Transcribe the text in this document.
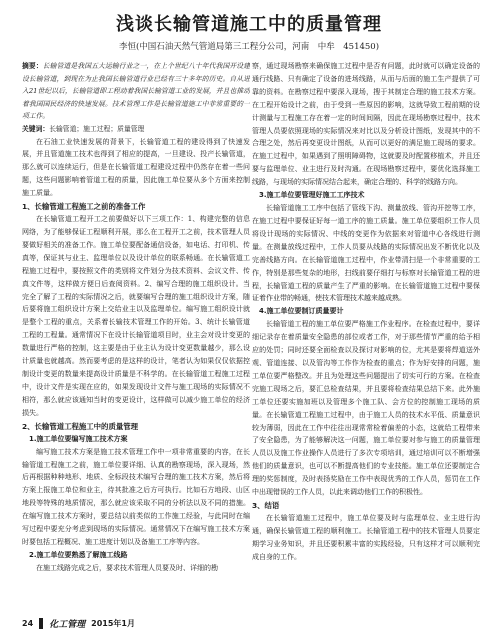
浅谈长输管道施工中的质量管理
李恒(中国石油天然气管道局第三工程分公司，河南　中牟　451450)
摘要：长输管道是我国五大运输行业之一，在上个世纪八十年代我国开设建设长输管道，到现在为止我国长输管道行业已经有三十多年的历史。自从进入21世纪以后，长输管道即工程动着我国长输管道工业的发展，并且也推动着我国国民经济的快速发展。技术管理工作是长输管道施工中非常重要的一项工作。
关键词：长输管道；施工过程；质量管理
在石油工业快速发展的背景下，长输管道工程的建设得到了快速发展，并且管道施工技术也得到了相应的提高，一旦建设、投产长输管道，那么就可以连续运行，但是在长输管道工程建设过程中仍然存在着一些问题，这些问题影响着管道工程的质量，因此施工单位要从多个方面来控制施工质量。
1、长输管道工程施工之前的准备工作
在长输管道工程开工之前要做好以下三项工作：1、构建完整的信息网络，为了能够保证工程顺利开展，那么在工程开工之前，技术管理人员要做好相关的准备工作。施工单位要配备通信设备，如电话、打印机、传真等，保证其与业主、监理单位以及设计单位的联系畅通。在长输管道工程施工过程中，要按照文件的类别将文件划分为技术资料、会议文件、传真文件等，这样做方便日后查阅资料。2、编写合理的施工组织设计。当完全了解了工程的实际情况之后，就要编写合理的施工组织设计方案，随后要将施工组织设计方案上交给业主以及监理单位。编写施工组织设计就是整个工程的重点，关系着长输技术管理工作的开始。3、统计长输管道工程的工程量。通常情况下在设计长输管道项目时，业主会对设计变更的数量进行严格的控制，这主要是由于业主认为设计变更数量越少，那么设计质量也就越高。然而要考虑的是这样的设计，笔者认为如果仅仅依据控制设计变更的数量来提高设计质量是不科学的。在长输管道工程施工过程中，设计文件是实现在应的，如果发现设计文件与施工现场的实际情况不相符，那么就应该通知当时的变更设计，这样做可以减少施工单位的经济损失。
2、长输管道工程施工中的质量管理
1.施工单位要编写施工技术方案
编写施工技术方案是施工技术管理工作中一项非常重要的内容，在长输管道工程施工之前，施工单位要详细、认真的勘察现场，深入现场，然后再根据种种地形、地质、全标段技术编写合理的施工技术方案，然后将方案上报施工单位和业主，待其批准之后方可执行。比如石方地段、山区地段等特殊的地质情况，那么就应该采取不同的分析法以及不同的措施。在编写施工技术方案时，要总结以前类似的工作施工经验，与此同时在编写过程中要充分考虑到现场的实际情况。通常情况下在编写施工技术方案时要包括工程概况、施工进度计划以及备施工工序等内容。
2.施工单位要熟悉了解施工线路
在施工线路完成之后，要求技术管理人员要及时、详细的勘
察，通过现场勘察来确保施工过程中是否有问题，此时就可以确定设备的通行线路、只有确定了设备的进场线路，从而与后面的施工生产提供了可靠的资料。在勘察过程中要深入现场，搜于其制定合理的施工技术方案。在工程开始设计之前，由于受到一些原因的影响，这就导致工程前期的设计测量与工程施工存在着一定的时间间隔，因此在现场勘察过程中，技术管理人员要依照现场的实际情况来对比以及分析设计图纸，发现其中的不合理之处，然后再变更设计图纸，从而可以更好的满足施工现场的要求。在施工过程中，如果遇到了照明障碍物，这就要及时配置移植术，并且还要与监理单位、业主进行及时沟通。在现场勘察过程中，要优化选择施工线路，与现场的实际情况结合起来，确定合理的、科学的线路方向。
3.施工单位要管理好施工工序技术
长输管道施工工序中包括了管线下沟、测量放线、管沟开挖等工序，在施工过程中要保证好每一道工序的施工质量。施工单位要组织工作人员将设计现场的实际情况、中线的变更作为依据来对管道中心各线进行测量。在测量放线过程中，工作人员要从线路的实际情况出发不断优化以及完善线路方向。在长输管道施工过程中，作业带清扫是一个非常重要的工作，特别是那些复杂的地形，扫线前要仔细打与标察对长输管道工程的进程，长输管道工程的质量产生了严重的影响。在长输管道施工过程中要保证着作业带的畅通，使技术管理技术越来越成熟。
4.施工单位要制订质量要计
长输管道工程的施工单位要严格施工作业程序。在检查过程中，要详细记录存在着质量安全隐患的部位或者工作，对于那些情节严重的给予相应的处罚；同时还要全面检查以及探讨对影响的位，尤其是要将焊道送外观、管道连接、以及管沟等工作作为检查的重点；作为好安排的问题，施工单位要严格整改。并且为处理这些问题提出了切实可行的方案。在检查完施工现场之后，要汇总检查结果，并且要将检查结果总结下来。此外施工单位还要实施加班以及管理多个施工队、会方位的控制施工现场的质量。在长输管道工程施工过程中，由于施工人员的技术水平低、质量意识较为薄弱，因此在工作中往往出现常常检着偏差的小态，这就给工程带来了安全隐患，为了能够解决这一问题，施工单位要对参与施工的质量管理人员以及施工作业操作人员进行了多次专项培训，通过培训可以不断增强他们的质量意识，也可以不断提高他们的专业技能。施工单位还要制定合理的奖惩制度，及时表扬奖励在工作中表现优秀的工作人员，惩罚在工作中出现错误的工作人员，以此来调动他们工作的积极性。
3、结语
在长输管道施工过程中，施工单位要及时与监理单位、业主进行沟通，确保长输管道工程的顺利施工。长输管道工程中的技术管理人员要定期学习业务知识，并且还要积累丰富的实践经验，只有这样才可以顺利完成自身的工作。
24 化工管理 2015年1月
